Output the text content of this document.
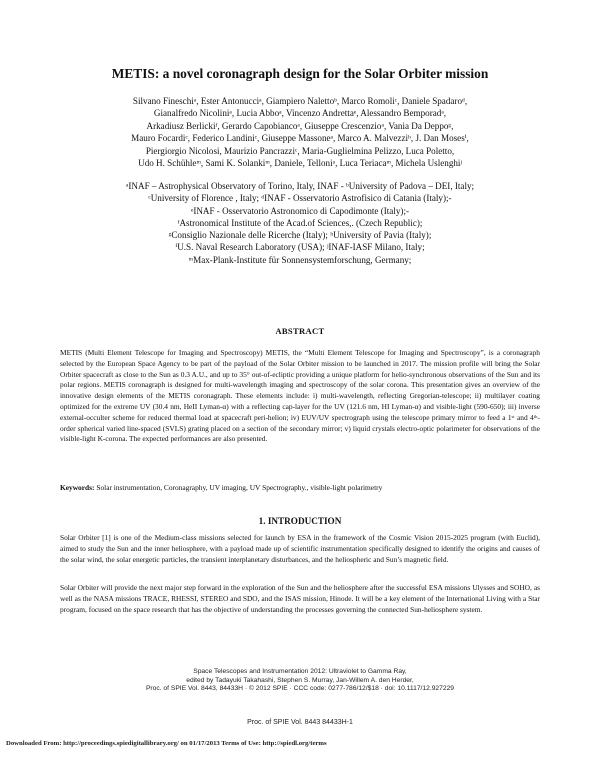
METIS: a novel coronagraph design for the Solar Orbiter mission
Silvano Fineschiᵃ, Ester Antonucciᵃ, Giampiero Nalettoᵇ, Marco Romoliᶜ, Daniele Spadaroᵈ,
Gianalfredo Nicoliniᵃ, Lucia Abboᵃ, Vincenzo Andrettaᵉ, Alessandro Bemporadᵃ,
Arkadiusz Berlickiᶠ, Gerardo Capobiancoᵃ, Giuseppe Crescenzioᵃ, Vania Da Deppoᵍ,
Mauro Focardiᶜ, Federico Landiniᶜ, Giuseppe Massoneᵃ, Marco A. Malvezziʰ, J. Dan Mosesⁱ,
Piergiorgio Nicolosi, Maurizio Pancrazziᶜ, Maria-Guglielmina Pelizzo, Luca Poletto,
Udo H. Schühleᵐ, Sami K. Solankiᵐ, Daniele, Telloniᵃ, Luca Teriacaᵐ, Michela Uslenghiʲ
ᵃINAF – Astrophysical Observatory of Torino, Italy, INAF - ᵇUniversity of Padova – DEI, Italy;
ᶜUniversity of Florence , Italy; ᵈINAF - Osservatorio Astrofisico di Catania (Italy);-
ᵉINAF - Osservatorio Astronomico di Capodimonte (Italy);-
ᶠAstronomical Institute of the Acad.of Sciences,. (Czech Republic);
ᵍConsiglio Nazionale delle Ricerche (Italy); ʰUniversity of Pavia (Italy);
ⁱU.S. Naval Research Laboratory (USA); ʲINAF-IASF Milano, Italy;
ᵐMax-Plank-Institute für Sonnensystemforschung, Germany;
ABSTRACT
METIS (Multi Element Telescope for Imaging and Spectroscopy) METIS, the “Multi Element Telescope for Imaging and Spectroscopy”, is a coronagraph selected by the European Space Agency to be part of the payload of the Solar Orbiter mission to be launched in 2017. The mission profile will bring the Solar Orbiter spacecraft as close to the Sun as 0.3 A.U., and up to 35° out-of-ecliptic providing a unique platform for helio-synchronous observations of the Sun and its polar regions. METIS coronagraph is designed for multi-wavelength imaging and spectroscopy of the solar corona. This presentation gives an overview of the innovative design elements of the METIS coronagraph. These elements include: i) multi-wavelength, reflecting Gregorian-telescope; ii) multilayer coating optimized for the extreme UV (30.4 nm, HeII Lyman-α) with a reflecting cap-layer for the UV (121.6 nm, HI Lyman-α) and visible-light (590-650); iii) inverse external-occulter scheme for reduced thermal load at spacecraft peri-helion; iv) EUV/UV spectrograph using the telescope primary mirror to feed a 1ˢᵗ and 4ᵗʰ-order spherical varied line-spaced (SVLS) grating placed on a section of the secondary mirror; v) liquid crystals electro-optic polarimeter for observations of the visible-light K-corona. The expected performances are also presented.
Keywords: Solar instrumentation, Coronagraphy, UV imaging, UV Spectrography., visible-light polarimetry
1. INTRODUCTION
Solar Orbiter [1] is one of the Medium-class missions selected for launch by ESA in the framework of the Cosmic Vision 2015-2025 program (with Euclid), aimed to study the Sun and the inner heliosphere, with a payload made up of scientific instrumentation specifically designed to identify the origins and causes of the solar wind, the solar energetic particles, the transient interplanetary disturbances, and the heliospheric and Sun’s magnetic field.
Solar Orbiter will provide the next major step forward in the exploration of the Sun and the heliosphere after the successful ESA missions Ulysses and SOHO, as well as the NASA missions TRACE, RHESSI, STEREO and SDO, and the ISAS mission, Hinode. It will be a key element of the International Living with a Star program, focused on the space research that has the objective of understanding the processes governing the connected Sun-heliosphere system.
Space Telescopes and Instrumentation 2012: Ultraviolet to Gamma Ray,
edited by Tadayuki Takahashi, Stephen S. Murray, Jan-Willem A. den Herder,
Proc. of SPIE Vol. 8443, 84433H · © 2012 SPIE · CCC code: 0277-786/12/$18 · doi: 10.1117/12.927229
Proc. of SPIE Vol. 8443 84433H-1
Downloaded From: http://proceedings.spiedigitallibrary.org/ on 01/17/2013 Terms of Use: http://spiedl.org/terms
